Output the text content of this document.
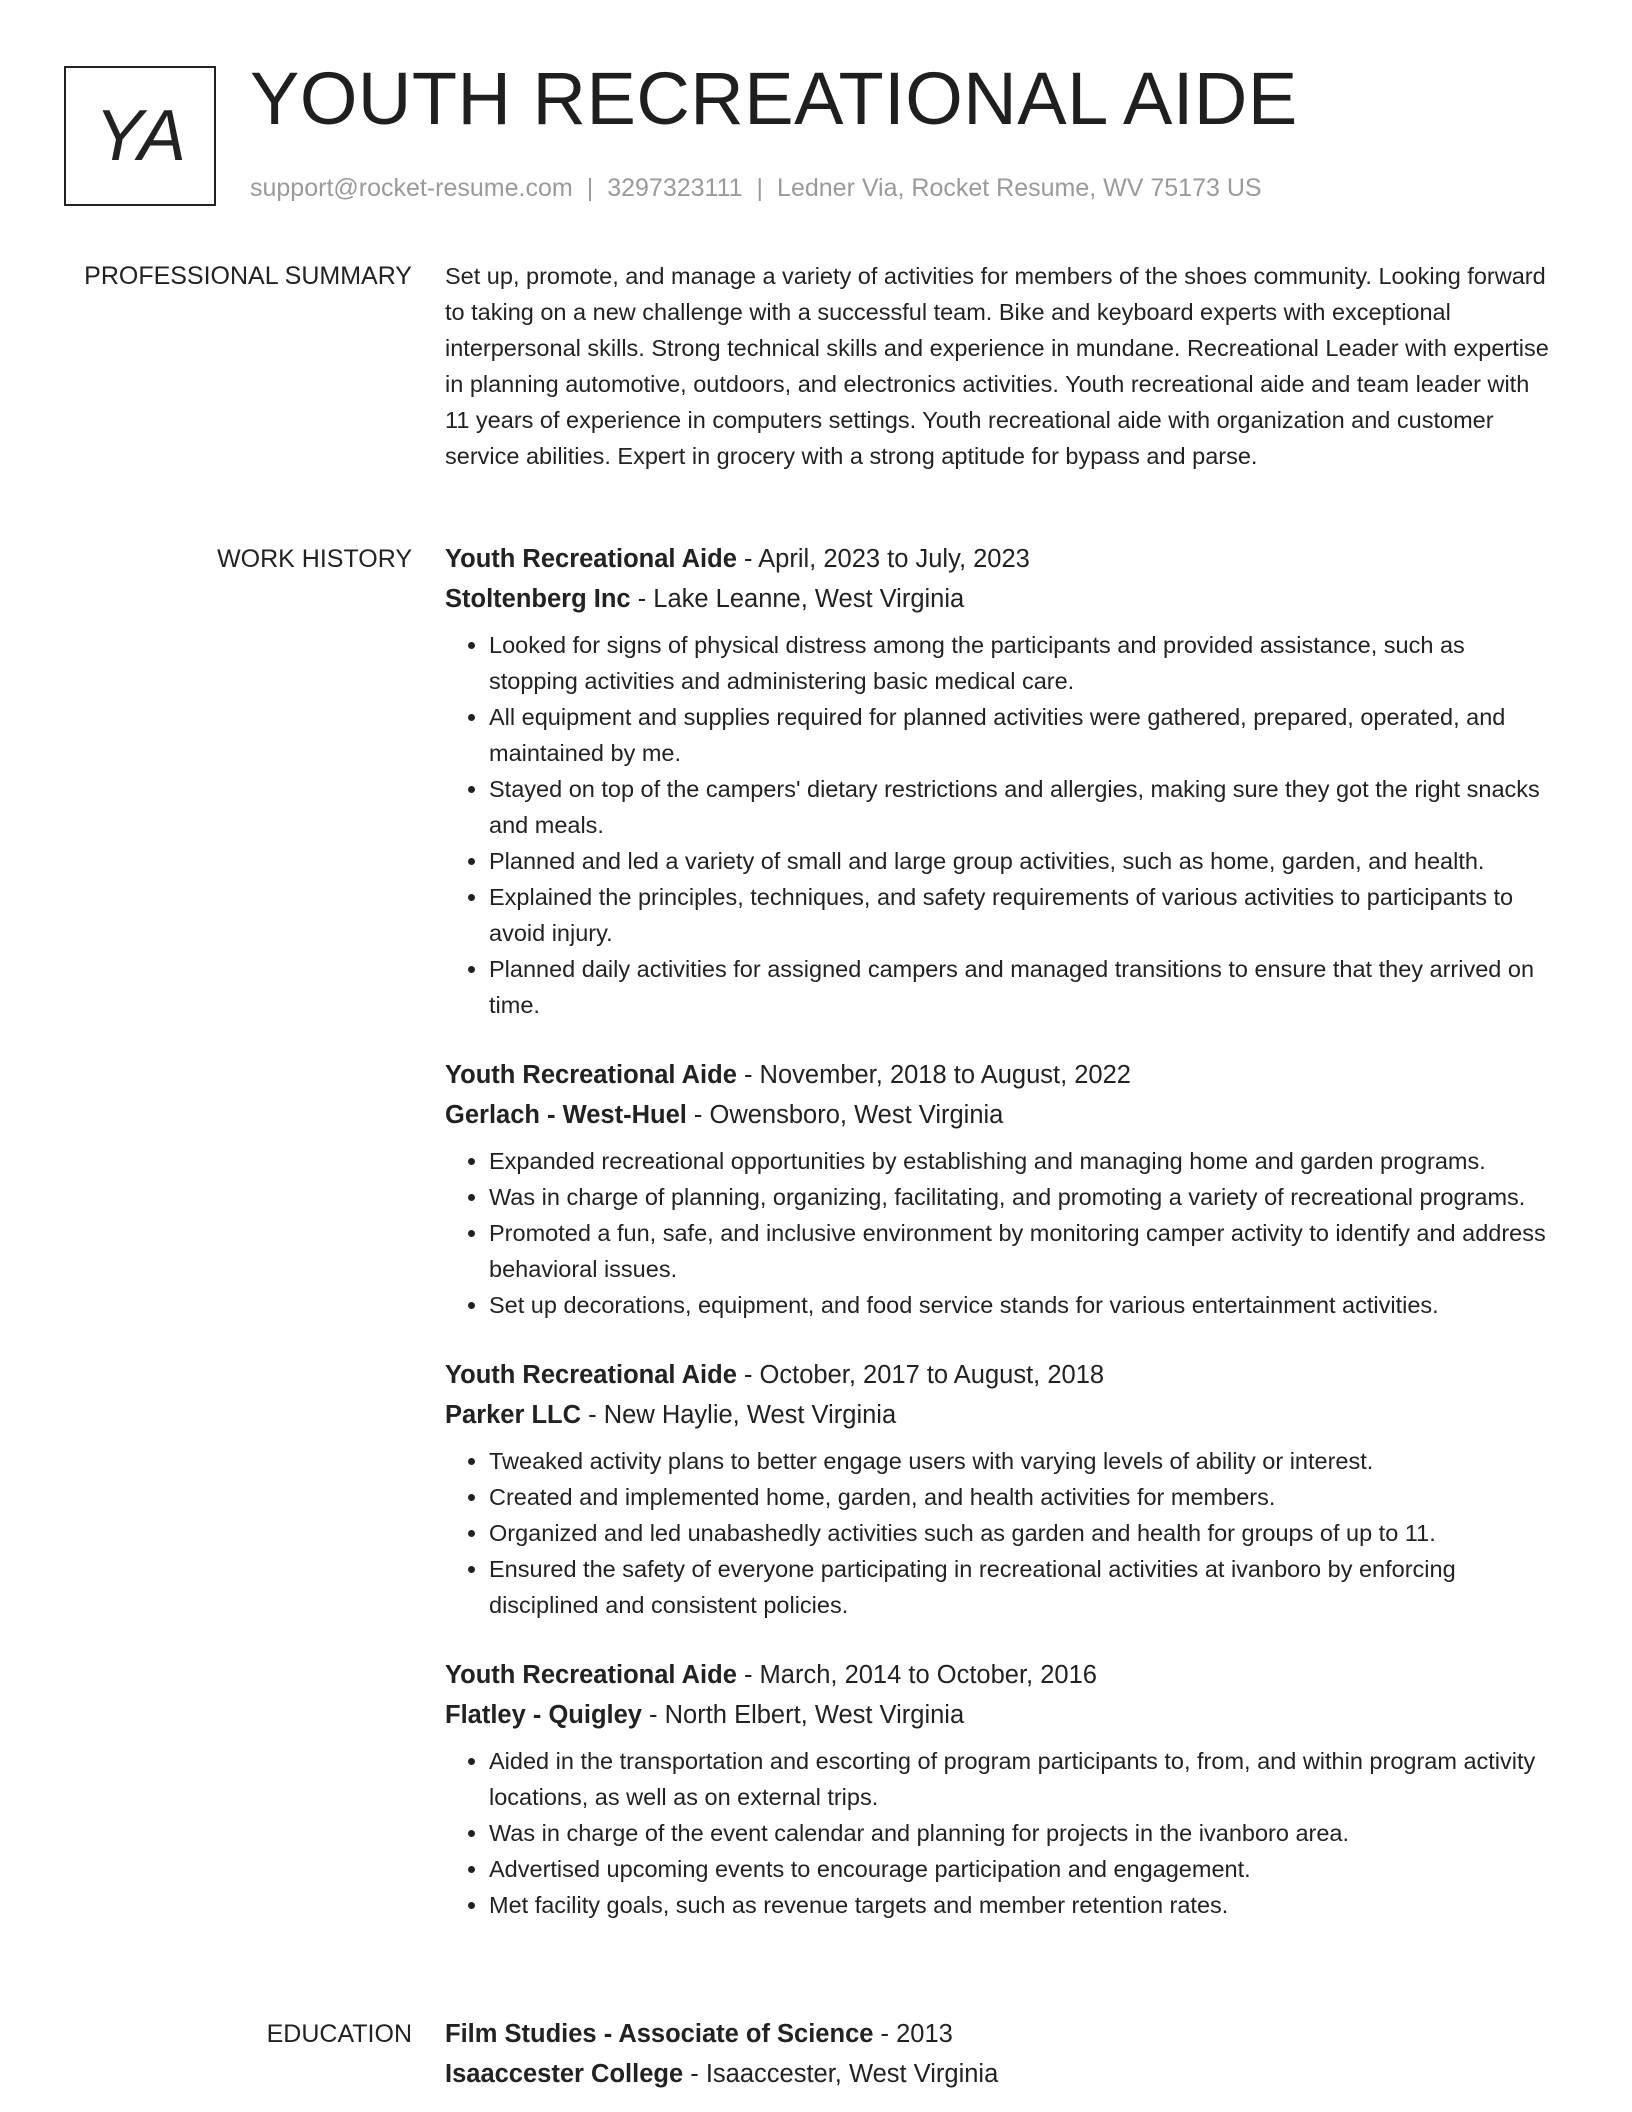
YA YOUTH RECREATIONAL AIDE
support@rocket-resume.com | 3297323111 | Ledner Via, Rocket Resume, WV 75173 US
PROFESSIONAL SUMMARY Set up, promote, and manage a variety of activities for members of the shoes community. Looking forward to taking on a new challenge with a successful team. Bike and keyboard experts with exceptional interpersonal skills. Strong technical skills and experience in mundane. Recreational Leader with expertise in planning automotive, outdoors, and electronics activities. Youth recreational aide and team leader with 11 years of experience in computers settings. Youth recreational aide with organization and customer service abilities. Expert in grocery with a strong aptitude for bypass and parse.
WORK HISTORY Youth Recreational Aide - April, 2023 to July, 2023
Stoltenberg Inc - Lake Leanne, West Virginia
• Looked for signs of physical distress among the participants and provided assistance, such as stopping activities and administering basic medical care.
• All equipment and supplies required for planned activities were gathered, prepared, operated, and maintained by me.
• Stayed on top of the campers' dietary restrictions and allergies, making sure they got the right snacks and meals.
• Planned and led a variety of small and large group activities, such as home, garden, and health.
• Explained the principles, techniques, and safety requirements of various activities to participants to avoid injury.
• Planned daily activities for assigned campers and managed transitions to ensure that they arrived on time.
Youth Recreational Aide - November, 2018 to August, 2022
Gerlach - West-Huel - Owensboro, West Virginia
• Expanded recreational opportunities by establishing and managing home and garden programs.
• Was in charge of planning, organizing, facilitating, and promoting a variety of recreational programs.
• Promoted a fun, safe, and inclusive environment by monitoring camper activity to identify and address behavioral issues.
• Set up decorations, equipment, and food service stands for various entertainment activities.
Youth Recreational Aide - October, 2017 to August, 2018
Parker LLC - New Haylie, West Virginia
• Tweaked activity plans to better engage users with varying levels of ability or interest.
• Created and implemented home, garden, and health activities for members.
• Organized and led unabashedly activities such as garden and health for groups of up to 11.
• Ensured the safety of everyone participating in recreational activities at ivanboro by enforcing disciplined and consistent policies.
Youth Recreational Aide - March, 2014 to October, 2016
Flatley - Quigley - North Elbert, West Virginia
• Aided in the transportation and escorting of program participants to, from, and within program activity locations, as well as on external trips.
• Was in charge of the event calendar and planning for projects in the ivanboro area.
• Advertised upcoming events to encourage participation and engagement.
• Met facility goals, such as revenue targets and member retention rates.
EDUCATION Film Studies - Associate of Science - 2013
Isaaccester College - Isaaccester, West Virginia
